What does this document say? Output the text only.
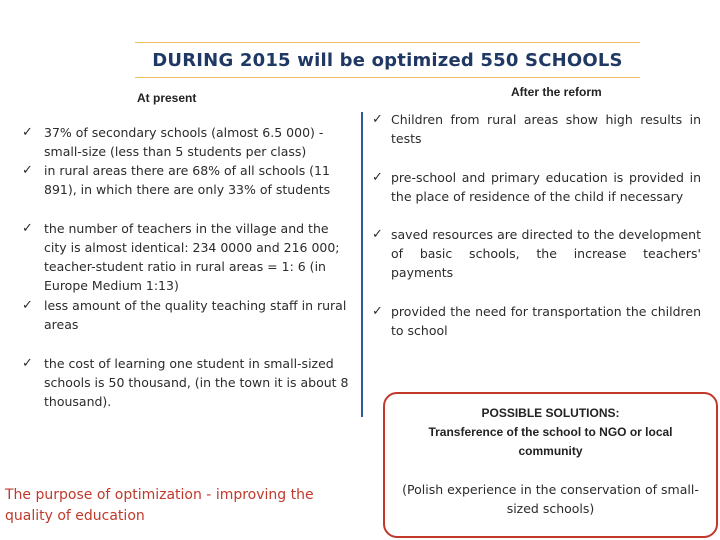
DURING 2015 will be optimized 550 SCHOOLS
At present	After the reform
✓ 37% of secondary schools (almost 6.5 000) - small-size (less than 5 students per class)
✓ in rural areas there are 68% of all schools (11 891), in which there are only 33% of students
✓ the number of teachers in the village and the city is almost identical: 234 0000 and 216 000; teacher-student ratio in rural areas = 1: 6 (in Europe Medium 1:13)
✓ less amount of the quality teaching staff in rural areas
✓ the cost of learning one student in small-sized schools is 50 thousand, (in the town it is about 8 thousand).
✓ Children from rural areas show high results in tests
✓ pre-school and primary education is provided in the place of residence of the child if necessary
✓ saved resources are directed to the development of basic schools, the increase teachers' payments
✓ provided the need for transportation the children to school
The purpose of optimization - improving the quality of education
POSSIBLE SOLUTIONS:
Transference of the school to NGO or local community
(Polish experience in the conservation of small-sized schools)
